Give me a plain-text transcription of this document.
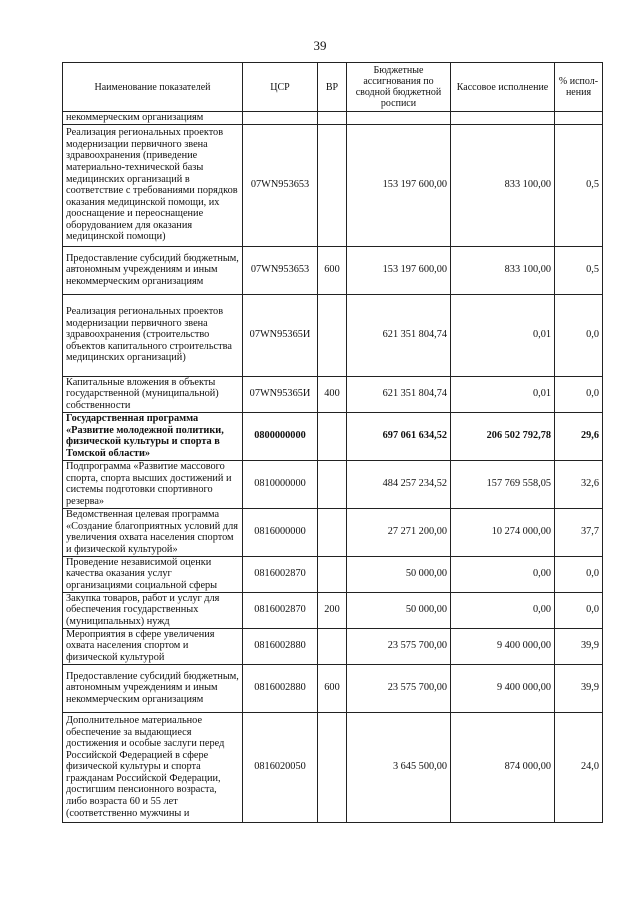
39
Наименование показателей	ЦСР	ВР	Бюджетные ассигнования по сводной бюджетной росписи	Кассовое исполнение	% испол-нения
некоммерческим организациям					
Реализация региональных проектов модернизации первичного звена здравоохранения (приведение материально-технической базы медицинских организаций в соответствие с требованиями порядков оказания медицинской помощи, их дооснащение и переоснащение оборудованием для оказания медицинской помощи)	07WN953653		153 197 600,00	833 100,00	0,5
Предоставление субсидий бюджетным, автономным учреждениям и иным некоммерческим организациям	07WN953653	600	153 197 600,00	833 100,00	0,5
Реализация региональных проектов модернизации первичного звена здравоохранения (строительство объектов капитального строительства медицинских организаций)	07WN95365И		621 351 804,74	0,01	0,0
Капитальные вложения в объекты государственной (муниципальной) собственности	07WN95365И	400	621 351 804,74	0,01	0,0
Государственная программа «Развитие молодежной политики, физической культуры и спорта в Томской области»	0800000000		697 061 634,52	206 502 792,78	29,6
Подпрограмма «Развитие массового спорта, спорта высших достижений и системы подготовки спортивного резерва»	0810000000		484 257 234,52	157 769 558,05	32,6
Ведомственная целевая программа «Создание благоприятных условий для увеличения охвата населения спортом и физической культурой»	0816000000		27 271 200,00	10 274 000,00	37,7
Проведение независимой оценки качества оказания услуг организациями социальной сферы	0816002870		50 000,00	0,00	0,0
Закупка товаров, работ и услуг для обеспечения государственных (муниципальных) нужд	0816002870	200	50 000,00	0,00	0,0
Мероприятия в сфере увеличения охвата населения спортом и физической культурой	0816002880		23 575 700,00	9 400 000,00	39,9
Предоставление субсидий бюджетным, автономным учреждениям и иным некоммерческим организациям	0816002880	600	23 575 700,00	9 400 000,00	39,9
Дополнительное материальное обеспечение за выдающиеся достижения и особые заслуги перед Российской Федерацией в сфере физической культуры и спорта гражданам Российской Федерации, достигшим пенсионного возраста, либо возраста 60 и 55 лет (соответственно мужчины и	0816020050		3 645 500,00	874 000,00	24,0
